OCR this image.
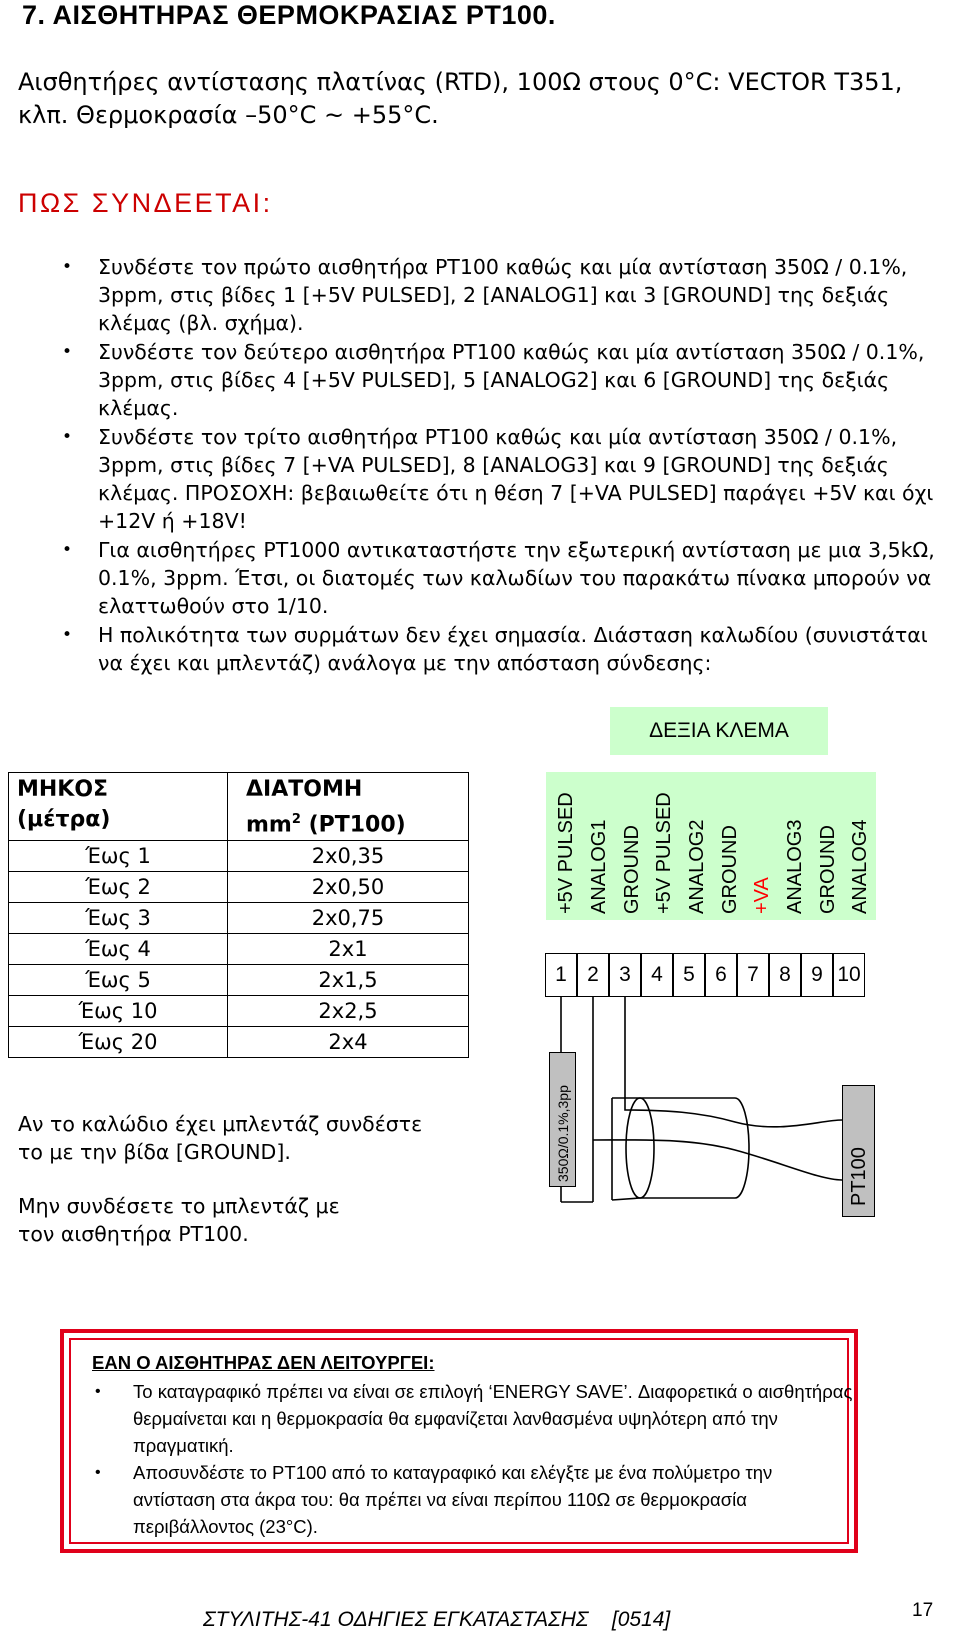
7. ΑΙΣΘΗΤΗΡΑΣ ΘΕΡΜΟΚΡΑΣΙΑΣ PT100.
Αισθητήρες αντίστασης πλατίνας (RTD), 100Ω στους 0°C: VECTOR T351, κλπ. Θερμοκρασία –50°C ~ +55°C.
ΠΩΣ ΣΥΝΔΕΕΤΑΙ:
• Συνδέστε τον πρώτο αισθητήρα PT100 καθώς και μία αντίσταση 350Ω / 0.1%, 3ppm, στις βίδες 1 [+5V PULSED], 2 [ANALOG1] και 3 [GROUND] της δεξιάς κλέμας (βλ. σχήμα).
• Συνδέστε τον δεύτερο αισθητήρα PT100 καθώς και μία αντίσταση 350Ω / 0.1%, 3ppm, στις βίδες 4 [+5V PULSED], 5 [ANALOG2] και 6 [GROUND] της δεξιάς κλέμας.
• Συνδέστε τον τρίτο αισθητήρα PT100 καθώς και μία αντίσταση 350Ω / 0.1%, 3ppm, στις βίδες 7 [+VA PULSED], 8 [ANALOG3] και 9 [GROUND] της δεξιάς κλέμας. ΠΡΟΣΟΧΗ: βεβαιωθείτε ότι η θέση 7 [+VA PULSED] παράγει +5V και όχι +12V ή +18V!
• Για αισθητήρες PT1000 αντικαταστήστε την εξωτερική αντίσταση με μια 3,5kΩ, 0.1%, 3ppm. Έτσι, οι διατομές των καλωδίων του παρακάτω πίνακα μπορούν να ελαττωθούν στο 1/10.
• Η πολικότητα των συρμάτων δεν έχει σημασία. Διάσταση καλωδίου (συνιστάται να έχει και μπλεντάζ) ανάλογα με την απόσταση σύνδεσης:
ΔΕΞΙΑ ΚΛΕΜΑ
ΜΗΚΟΣ
(μέτρα)	ΔΙΑΤΟΜΗ
$mm^2$ (PT100)
Έως 1	2x0,35
Έως 2	2x0,50
Έως 3	2x0,75
Έως 4	2x1
Έως 5	2x1,5
Έως 10	2x2,5
Έως 20	2x4
+5V PULSED ANALOG1 GROUND +5V PULSED ANALOG2 GROUND +VA ANALOG3 GROUND ANALOG4
1 2 3 4 5 6 7 8 9 10
350Ω/0.1%,3pp	PT100
Αν το καλώδιο έχει μπλεντάζ συνδέστε
το με την βίδα [GROUND].
Μην συνδέσετε το μπλεντάζ με
τον αισθητήρα PT100.
ΕΑΝ Ο ΑΙΣΘΗΤΗΡΑΣ ΔΕΝ ΛΕΙΤΟΥΡΓΕΙ:
• Το καταγραφικό πρέπει να είναι σε επιλογή ‘ENERGY SAVE’. Διαφορετικά ο αισθητήρας θερμαίνεται και η θερμοκρασία θα εμφανίζεται λανθασμένα υψηλότερη από την πραγματική.
• Αποσυνδέστε το PT100 από το καταγραφικό και ελέγξτε με ένα πολύμετρο την αντίσταση στα άκρα του: θα πρέπει να είναι περίπου 110Ω σε θερμοκρασία περιβάλλοντος (23°C).
ΣΤΥΛΙΤΗΣ-41 ΟΔΗΓΙΕΣ ΕΓΚΑΤΑΣΤΑΣΗΣ    [0514]	17
